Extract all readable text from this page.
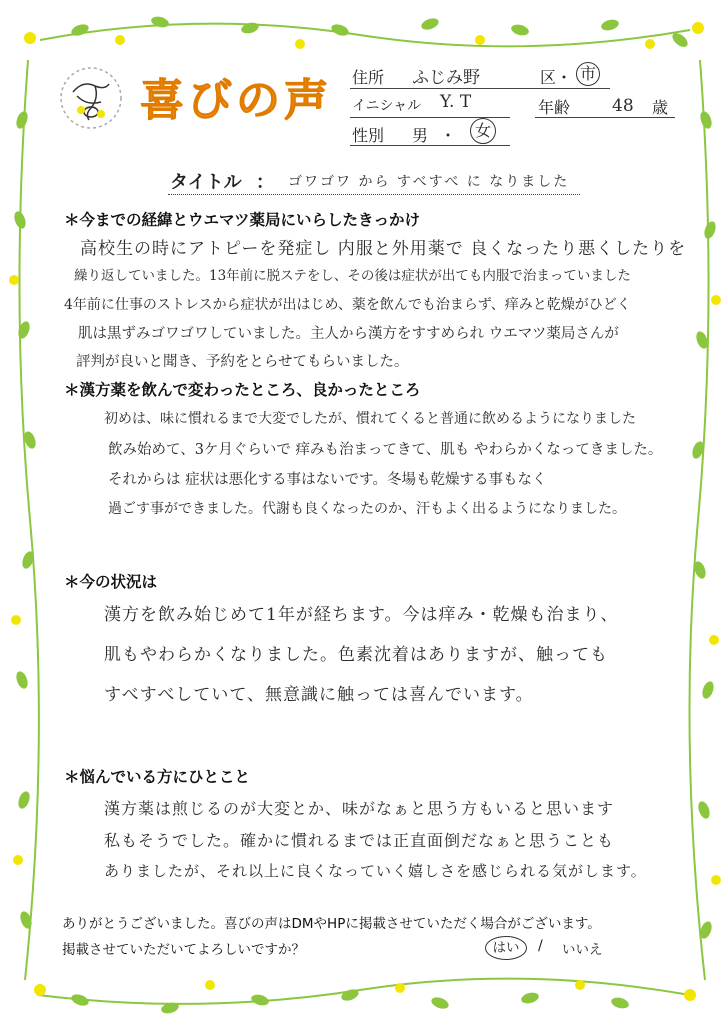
喜びの声 住所 ふじみ野	区・ 市
イニシャル Y. T	年齢 48 歳
性別 男 ・	女
タイトル ： ゴワゴワ から すべすべ に なりました
＊今までの経緯とウエマツ薬局にいらしたきっかけ
高校生の時にアトピーを発症し 内服と外用薬で 良くなったり悪くしたりを
繰り返していました。13年前に脱ステをし、その後は症状が出ても内服で治まっていました
4年前に仕事のストレスから症状が出はじめ、薬を飲んでも治まらず、痒みと乾燥がひどく
肌は黒ずみゴワゴワしていました。主人から漢方をすすめられ ウエマツ薬局さんが
評判が良いと聞き、予約をとらせてもらいました。
＊漢方薬を飲んで変わったところ、良かったところ
初めは、味に慣れるまで大変でしたが、慣れてくると普通に飲めるようになりました
飲み始めて、3ケ月ぐらいで 痒みも治まってきて、肌も やわらかくなってきました。
それからは 症状は悪化する事はないです。冬場も乾燥する事もなく
過ごす事ができました。代謝も良くなったのか、汗もよく出るようになりました。
＊今の状況は
漢方を飲み始じめて1年が経ちます。今は痒み・乾燥も治まり、
肌もやわらかくなりました。色素沈着はありますが、触っても
すべすべしていて、無意識に触っては喜んでいます。
＊悩んでいる方にひとこと
漢方薬は煎じるのが大変とか、味がなぁと思う方もいると思います
私もそうでした。確かに慣れるまでは正直面倒だなぁと思うことも
ありましたが、それ以上に良くなっていく嬉しさを感じられる気がします。
ありがとうございました。喜びの声はDMやHPに掲載させていただく場合がございます。
掲載させていただいてよろしいですか？	はい	/ いいえ
